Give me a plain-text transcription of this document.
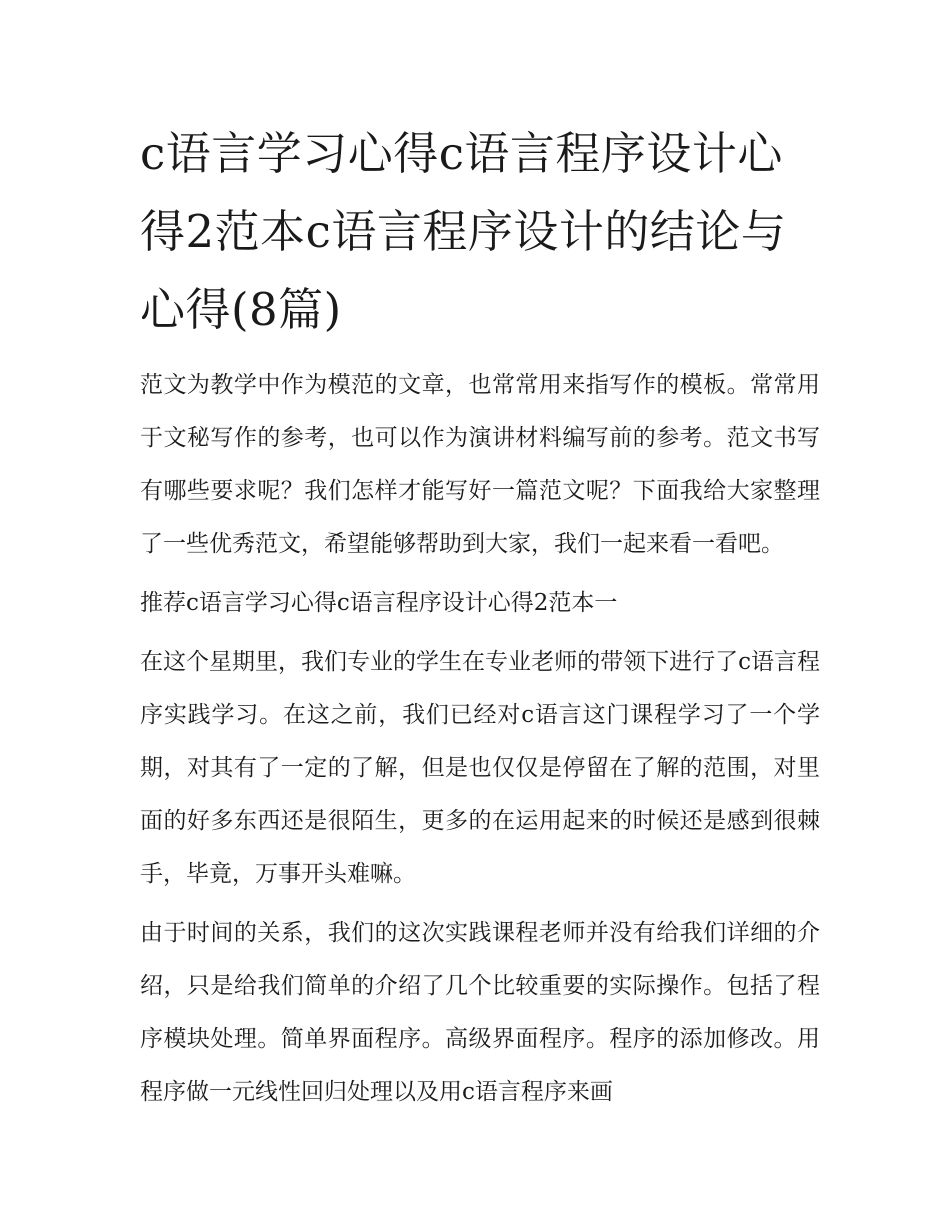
c语言学习心得c语言程序设计心得2范本c语言程序设计的结论与心得(8篇)

范文为教学中作为模范的文章，也常常用来指写作的模板。常常用于文秘写作的参考，也可以作为演讲材料编写前的参考。范文书写有哪些要求呢？我们怎样才能写好一篇范文呢？下面我给大家整理了一些优秀范文，希望能够帮助到大家，我们一起来看一看吧。

推荐c语言学习心得c语言程序设计心得2范本一

在这个星期里，我们专业的学生在专业老师的带领下进行了c语言程序实践学习。在这之前，我们已经对c语言这门课程学习了一个学期，对其有了一定的了解，但是也仅仅是停留在了解的范围，对里面的好多东西还是很陌生，更多的在运用起来的时候还是感到很棘手，毕竟，万事开头难嘛。

由于时间的关系，我们的这次实践课程老师并没有给我们详细的介绍，只是给我们简单的介绍了几个比较重要的实际操作。包括了程序模块处理。简单界面程序。高级界面程序。程序的添加修改。用程序做一元线性回归处理以及用c语言程序来画
